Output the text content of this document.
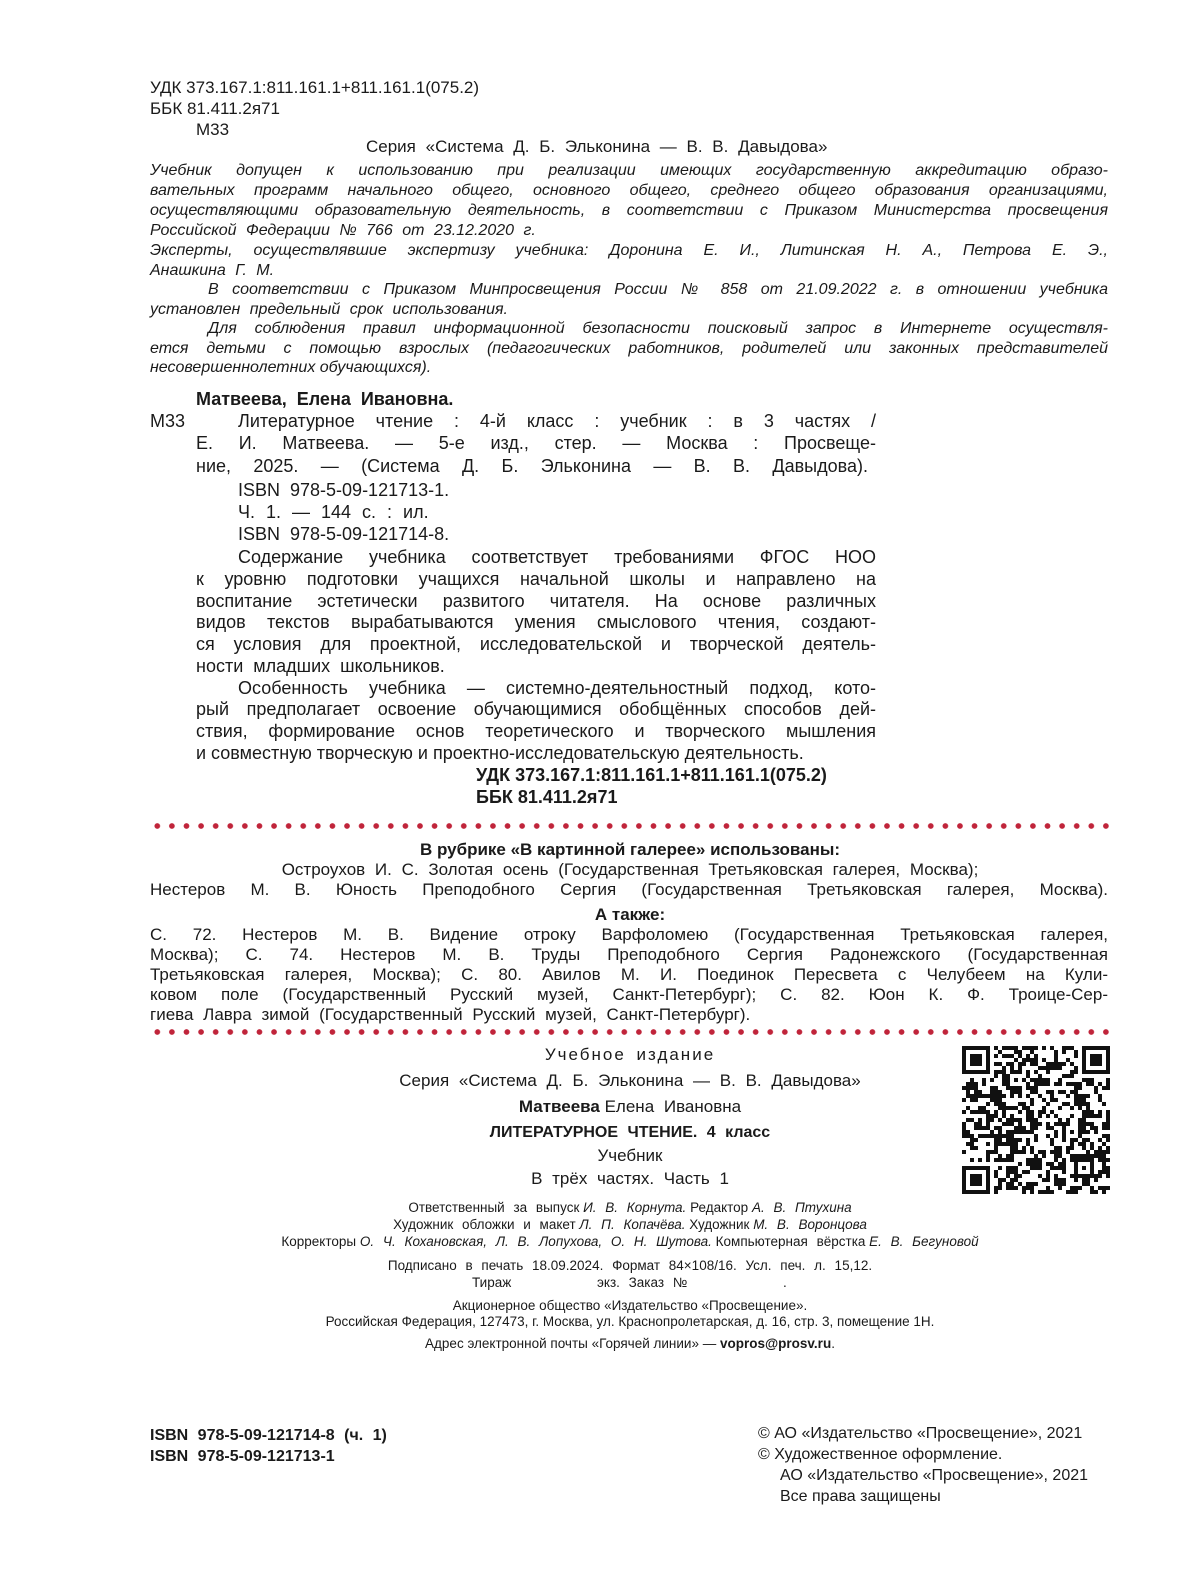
УДК 373.167.1:811.161.1+811.161.1(075.2)
ББК 81.411.2я71
М33
Серия «Система Д. Б. Эльконина — В. В. Давыдова»
Учебник допущен к использованию при реализации имеющих государственную аккредитацию образо-
вательных программ начального общего, основного общего, среднего общего образования организациями,
осуществляющими образовательную деятельность, в соответствии с Приказом Министерства просвещения
Российской Федерации № 766 от 23.12.2020 г.
Эксперты, осуществлявшие экспертизу учебника: Доронина Е. И., Литинская Н. А., Петрова Е. Э.,
Анашкина Г. М.
В соответствии с Приказом Минпросвещения России № 858 от 21.09.2022 г. в отношении учебника
установлен предельный срок использования.
Для соблюдения правил информационной безопасности поисковый запрос в Интернете осуществля-
ется детьми с помощью взрослых (педагогических работников, родителей или законных представителей
несовершеннолетних обучающихся).
Матвеева, Елена Ивановна.
М33	Литературное чтение : 4-й класс : учебник : в 3 частях /
Е. И. Матвеева. — 5-е изд., стер. — Москва : Просвеще-
ние, 2025. — (Система Д. Б. Эльконина — В. В. Давыдова).
ISBN 978-5-09-121713-1.
Ч. 1. — 144 с. : ил.
ISBN 978-5-09-121714-8.
Содержание учебника соответствует требованиями ФГОС НОО
к уровню подготовки учащихся начальной школы и направлено на
воспитание эстетически развитого читателя. На основе различных
видов текстов вырабатываются умения смыслового чтения, создают-
ся условия для проектной, исследовательской и творческой деятель-
ности младших школьников.
Особенность учебника — системно-деятельностный подход, кото-
рый предполагает освоение обучающимися обобщённых способов дей-
ствия, формирование основ теоретического и творческого мышления
и совместную творческую и проектно-исследовательскую деятельность.
УДК 373.167.1:811.161.1+811.161.1(075.2)
ББК 81.411.2я71
В рубрике «В картинной галерее» использованы:
Остроухов И. С. Золотая осень (Государственная Третьяковская галерея, Москва);
Нестеров М. В. Юность Преподобного Сергия (Государственная Третьяковская галерея, Москва).
А также:
С. 72. Нестеров М. В. Видение отроку Варфоломею (Государственная Третьяковская галерея,
Москва); С. 74. Нестеров М. В. Труды Преподобного Сергия Радонежского (Государственная
Третьяковская галерея, Москва); С. 80. Авилов М. И. Поединок Пересвета с Челубеем на Кули-
ковом поле (Государственный Русский музей, Санкт-Петербург); С. 82. Юон К. Ф. Троице-Сер-
гиева Лавра зимой (Государственный Русский музей, Санкт-Петербург).
Учебное издание
Серия «Система Д. Б. Эльконина — В. В. Давыдова»
Матвеева Елена Ивановна
ЛИТЕРАТУРНОЕ ЧТЕНИЕ. 4 класс
Учебник
В трёх частях. Часть 1
Ответственный за выпуск И. В. Корнута. Редактор А. В. Птухина
Художник обложки и макет Л. П. Копачёва. Художник М. В. Воронцова
Корректоры О. Ч. Кохановская, Л. В. Лопухова, О. Н. Шутова. Компьютерная вёрстка Е. В. Бегуновой
Подписано в печать 18.09.2024. Формат 84×108/16. Усл. печ. л. 15,12.
Тираж	экз. Заказ №	.
Акционерное общество «Издательство «Просвещение».
Российская Федерация, 127473, г. Москва, ул. Краснопролетарская, д. 16, стр. 3, помещение 1Н.
Адрес электронной почты «Горячей линии» — vopros@prosv.ru.
ISBN 978-5-09-121714-8 (ч. 1)
ISBN 978-5-09-121713-1
© АО «Издательство «Просвещение», 2021
© Художественное оформление.
АО «Издательство «Просвещение», 2021
Все права защищены
